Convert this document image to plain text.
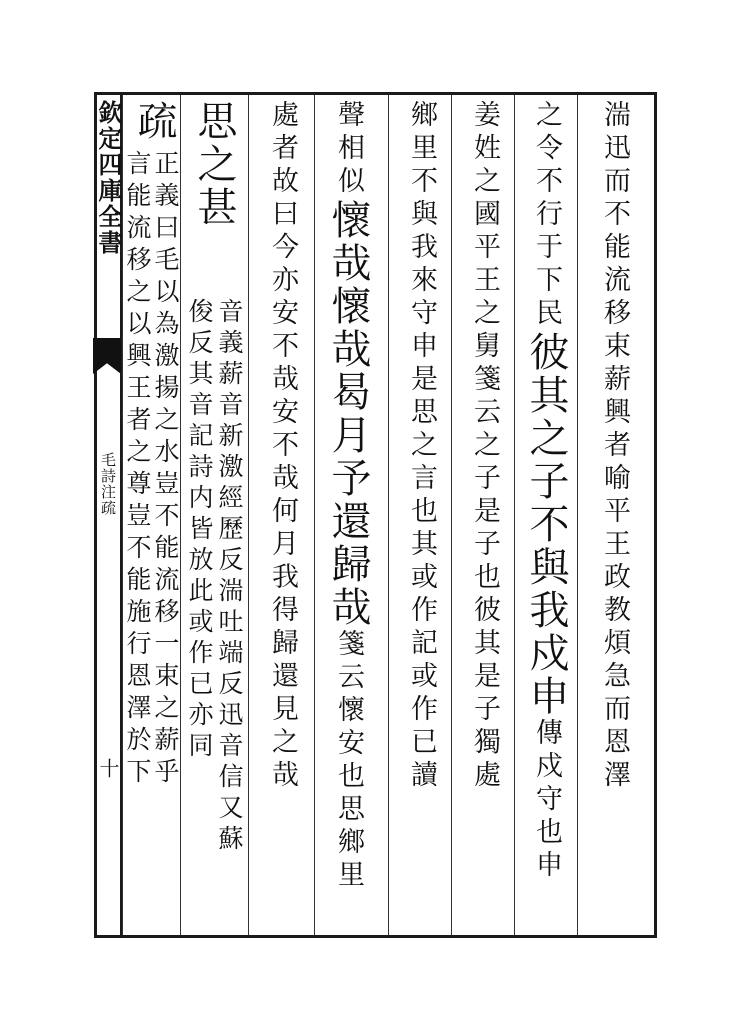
欽定四庫全書
毛詩注疏
十	湍迅而不能流移束薪興者喻平王政教煩急而恩澤
之令不行于下民彼其之子不與我戍申傳戍守也申
姜姓之國平王之舅箋云之子是子也彼其是子獨處
鄉里不與我來守申是思之言也其或作記或作已讀
聲相似懷哉懷哉曷月予還歸哉箋云懷安也思鄉里
處者故曰今亦安不哉安不哉何月我得歸還見之哉
思之甚
音義薪音新激經歷反湍吐端反迅音信又蘇
俊反其音記詩内皆放此或作已亦同
疏
正義曰毛以為激揚之水豈不能流移一束之薪乎
言能流移之以興王者之尊豈不能施行恩澤於下
